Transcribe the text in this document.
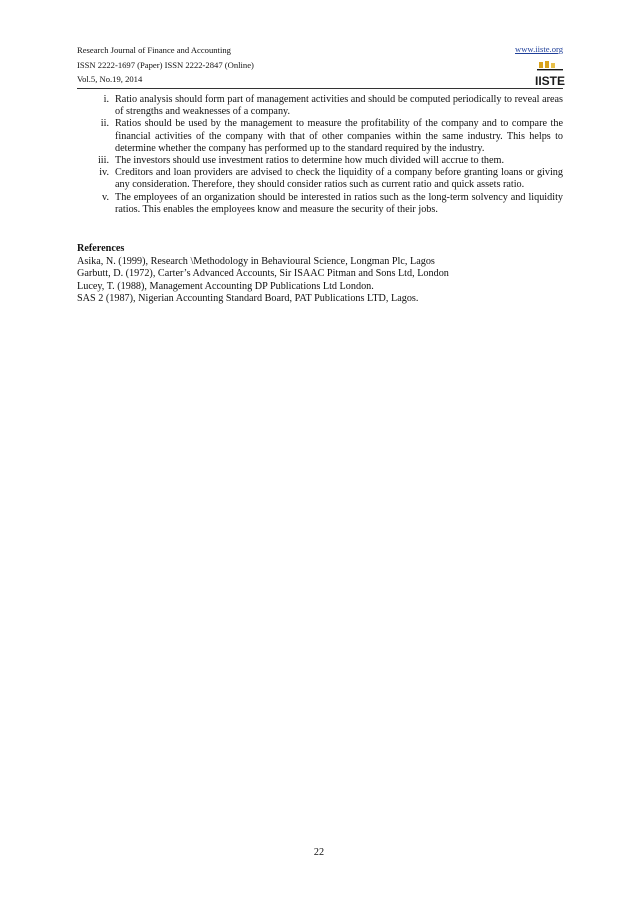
Research Journal of Finance and Accounting
ISSN 2222-1697 (Paper) ISSN 2222-2847 (Online)
Vol.5, No.19, 2014
www.iiste.org
IISTE
i. Ratio analysis should form part of management activities and should be computed periodically to reveal areas of strengths and weaknesses of a company.
ii. Ratios should be used by the management to measure the profitability of the company and to compare the financial activities of the company with that of other companies within the same industry. This helps to determine whether the company has performed up to the standard required by the industry.
iii. The investors should use investment ratios to determine how much divided will accrue to them.
iv. Creditors and loan providers are advised to check the liquidity of a company before granting loans or giving any consideration. Therefore, they should consider ratios such as current ratio and quick assets ratio.
v. The employees of an organization should be interested in ratios such as the long-term solvency and liquidity ratios. This enables the employees know and measure the security of their jobs.
References
Asika, N. (1999), Research \Methodology in Behavioural Science, Longman Plc, Lagos
Garbutt, D. (1972), Carter’s Advanced Accounts, Sir ISAAC Pitman and Sons Ltd, London
Lucey, T. (1988), Management Accounting DP Publications Ltd London.
SAS 2 (1987), Nigerian Accounting Standard Board, PAT Publications LTD, Lagos.
22
